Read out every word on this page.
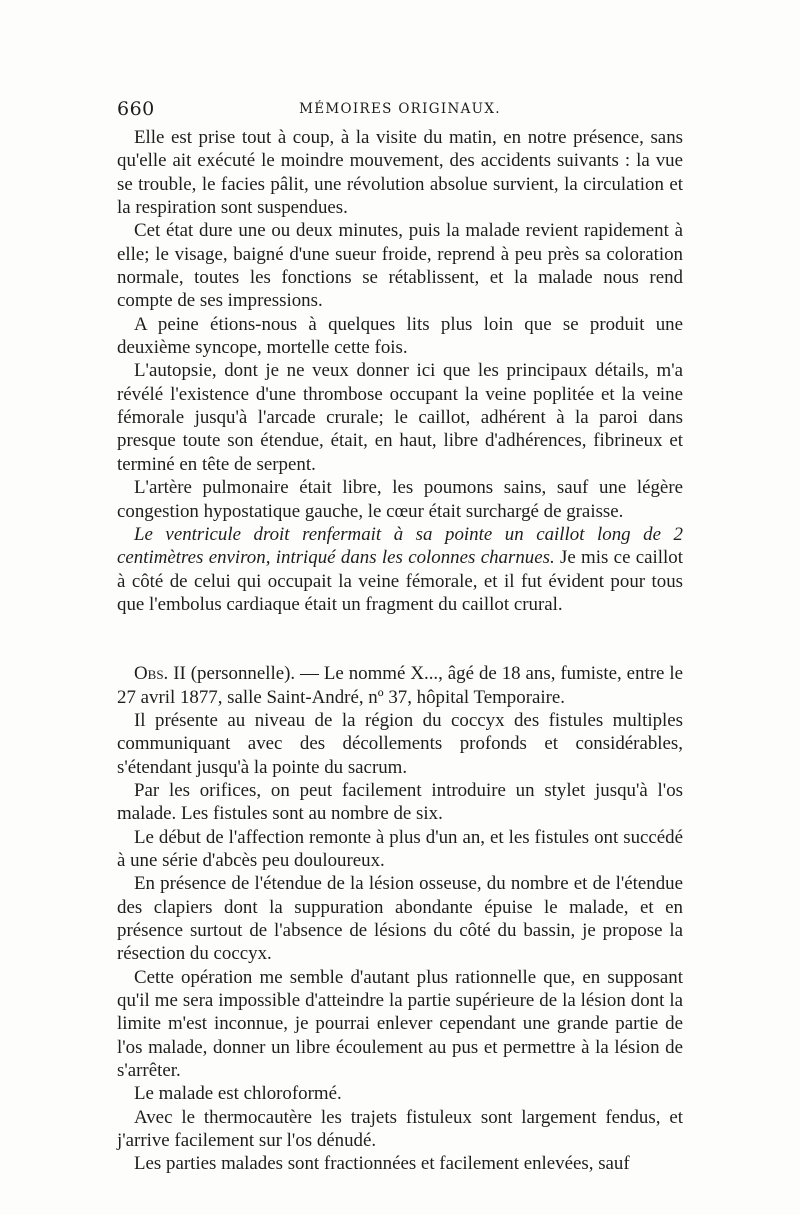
660	MÉMOIRES ORIGINAUX.

Elle est prise tout à coup, à la visite du matin, en notre présence, sans qu'elle ait exécuté le moindre mouvement, des accidents suivants : la vue se trouble, le facies pâlit, une révolution absolue survient, la circulation et la respiration sont suspendues.

Cet état dure une ou deux minutes, puis la malade revient rapidement à elle; le visage, baigné d'une sueur froide, reprend à peu près sa coloration normale, toutes les fonctions se rétablissent, et la malade nous rend compte de ses impressions.

A peine étions-nous à quelques lits plus loin que se produit une deuxième syncope, mortelle cette fois.

L'autopsie, dont je ne veux donner ici que les principaux détails, m'a révélé l'existence d'une thrombose occupant la veine poplitée et la veine fémorale jusqu'à l'arcade crurale; le caillot, adhérent à la paroi dans presque toute son étendue, était, en haut, libre d'adhérences, fibrineux et terminé en tête de serpent.

L'artère pulmonaire était libre, les poumons sains, sauf une légère congestion hypostatique gauche, le cœur était surchargé de graisse.

Le ventricule droit renfermait à sa pointe un caillot long de 2 centimètres environ, intriqué dans les colonnes charnues. Je mis ce caillot à côté de celui qui occupait la veine fémorale, et il fut évident pour tous que l'embolus cardiaque était un fragment du caillot crural.

Obs. II (personnelle). — Le nommé X..., âgé de 18 ans, fumiste, entre le 27 avril 1877, salle Saint-André, nº 37, hôpital Temporaire.

Il présente au niveau de la région du coccyx des fistules multiples communiquant avec des décollements profonds et considérables, s'étendant jusqu'à la pointe du sacrum.

Par les orifices, on peut facilement introduire un stylet jusqu'à l'os malade. Les fistules sont au nombre de six.

Le début de l'affection remonte à plus d'un an, et les fistules ont succédé à une série d'abcès peu douloureux.

En présence de l'étendue de la lésion osseuse, du nombre et de l'étendue des clapiers dont la suppuration abondante épuise le malade, et en présence surtout de l'absence de lésions du côté du bassin, je propose la résection du coccyx.

Cette opération me semble d'autant plus rationnelle que, en supposant qu'il me sera impossible d'atteindre la partie supérieure de la lésion dont la limite m'est inconnue, je pourrai enlever cependant une grande partie de l'os malade, donner un libre écoulement au pus et permettre à la lésion de s'arrêter.

Le malade est chloroformé.

Avec le thermocautère les trajets fistuleux sont largement fendus, et j'arrive facilement sur l'os dénudé.

Les parties malades sont fractionnées et facilement enlevées, sauf
